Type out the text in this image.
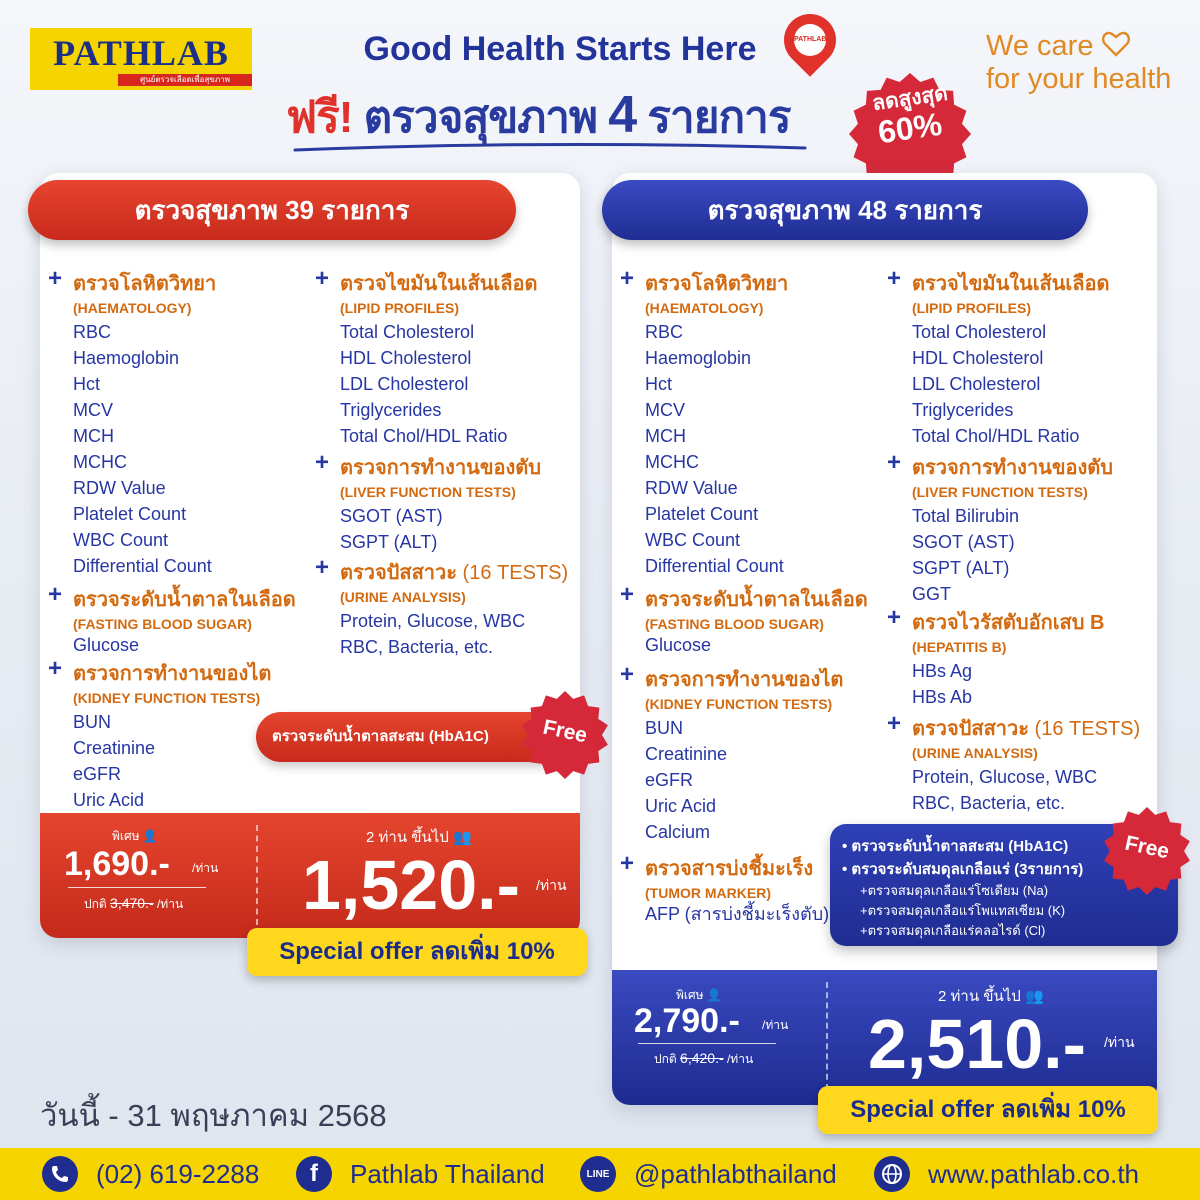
PATHLAB
ศูนย์ตรวจเลือดเพื่อสุขภาพ
Good Health Starts Here	PATHLAB
ฟรี! ตรวจสุขภาพ 4 รายการ	ลดสูงสุด
60%
We care
for your health
ตรวจสุขภาพ 39 รายการ
+ ตรวจโลหิตวิทยา
(HAEMATOLOGY)
RBC
Haemoglobin
Hct
MCV
MCH
MCHC
RDW Value
Platelet Count
WBC Count
Differential Count
+ ตรวจระดับน้ำตาลในเลือด
(FASTING BLOOD SUGAR)
Glucose
+ ตรวจการทำงานของไต
(KIDNEY FUNCTION TESTS)
BUN
Creatinine
eGFR
Uric Acid
+ ตรวจไขมันในเส้นเลือด
(LIPID PROFILES)
Total Cholesterol
HDL Cholesterol
LDL Cholesterol
Triglycerides
Total Chol/HDL Ratio
+ ตรวจการทำงานของตับ
(LIVER FUNCTION TESTS)
SGOT (AST)
SGPT (ALT)
+ ตรวจปัสสาวะ (16 TESTS)
(URINE ANALYSIS)
Protein, Glucose, WBC
RBC, Bacteria, etc.
ตรวจระดับน้ำตาลสะสม (HbA1C)	Free
พิเศษ 👤
1,690.- /ท่าน
ปกติ 3,470.- /ท่าน
2 ท่าน ขึ้นไป 👥
1,520.- /ท่าน
Special offer ลดเพิ่ม 10%
ตรวจสุขภาพ 48 รายการ
+ ตรวจโลหิตวิทยา
(HAEMATOLOGY)
RBC
Haemoglobin
Hct
MCV
MCH
MCHC
RDW Value
Platelet Count
WBC Count
Differential Count
+ ตรวจระดับน้ำตาลในเลือด
(FASTING BLOOD SUGAR)
Glucose
+ ตรวจการทำงานของไต
(KIDNEY FUNCTION TESTS)
BUN
Creatinine
eGFR
Uric Acid
Calcium
+ ตรวจสารบ่งชี้มะเร็ง
(TUMOR MARKER)
AFP (สารบ่งชี้มะเร็งตับ)
+ ตรวจไขมันในเส้นเลือด
(LIPID PROFILES)
Total Cholesterol
HDL Cholesterol
LDL Cholesterol
Triglycerides
Total Chol/HDL Ratio
+ ตรวจการทำงานของตับ
(LIVER FUNCTION TESTS)
Total Bilirubin
SGOT (AST)
SGPT (ALT)
GGT
+ ตรวจไวรัสตับอักเสบ B
(HEPATITIS B)
HBs Ag
HBs Ab
+ ตรวจปัสสาวะ (16 TESTS)
(URINE ANALYSIS)
Protein, Glucose, WBC
RBC, Bacteria, etc.
• ตรวจระดับน้ำตาลสะสม (HbA1C)
• ตรวจระดับสมดุลเกลือแร่ (3รายการ)
+ตรวจสมดุลเกลือแร่โซเดียม (Na)
+ตรวจสมดุลเกลือแร่โพแทสเซียม (K)
+ตรวจสมดุลเกลือแร่คลอไรด์ (Cl)
Free
พิเศษ 👤
2,790.- /ท่าน
ปกติ 6,420.- /ท่าน
2 ท่าน ขึ้นไป 👥
2,510.- /ท่าน
Special offer ลดเพิ่ม 10%
วันนี้ - 31 พฤษภาคม 2568
(02) 619-2288	f	Pathlab Thailand	LINE @pathlabthailand	www.pathlab.co.th
